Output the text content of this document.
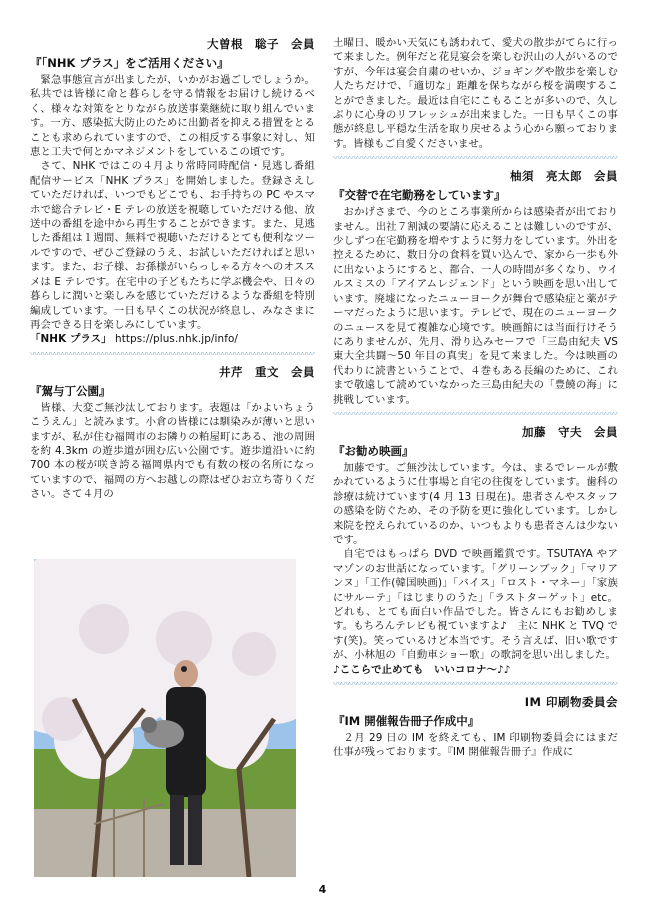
大曽根　聡子　会員
『「NHK プラス」をご活用ください』

緊急事態宣言が出ましたが、いかがお過ごしでしょうか。私共では皆様に命と暮らしを守る情報をお届けし続けるべく、様々な対策をとりながら放送事業継続に取り組んでいます。一方、感染拡大防止のために出勤者を抑える措置をとることも求められていますので、この相反する事象に対し、知恵と工夫で何とかマネジメントをしているこの頃です。

さて、NHK ではこの４月より常時同時配信・見逃し番組配信サービス「NHK プラス」を開始しました。登録さえしていただければ、いつでもどこでも、お手持ちの PC やスマホで総合テレビ・E テレの放送を視聴していただける他、放送中の番組を途中から再生することができます。また、見逃した番組は１週間、無料で視聴いただけるとても便利なツールですので、ぜひご登録のうえ、お試しいただければと思います。また、お子様、お孫様がいらっしゃる方々へのオススメは E テレです。在宅中の子どもたちに学ぶ機会や、日々の暮らしに潤いと楽しみを感じていただけるような番組を特別編成しています。一日も早くこの状況が終息し、みなさまに再会できる日を楽しみにしています。

「NHK プラス」 https://plus.nhk.jp/info/

〰〰〰〰〰〰〰〰〰〰〰〰〰〰〰〰〰〰〰〰〰〰〰〰〰〰〰〰〰〰〰〰〰〰〰〰〰〰
井芹　重文　会員
『駕与丁公園』

皆様、大変ご無沙汰しております。表題は「かよいちょうこうえん」と読みます。小倉の皆様には馴染みが薄いと思いますが、私が住む福岡市のお隣りの粕屋町にある、池の周囲を約 4.3km の遊歩道が囲む広い公園です。遊歩道沿いに約 700 本の桜が咲き誇る福岡県内でも有数の桜の名所になっていますので、福岡の方へお越しの際はぜひお立ち寄りください。さて４月の

土曜日、暖かい天気にも誘われて、愛犬の散歩がてらに行って来ました。例年だと花見宴会を楽しむ沢山の人がいるのですが、今年は宴会自粛のせいか、ジョギングや散歩を楽しむ人たちだけで、「適切な」距離を保ちながら桜を満喫することができました。最近は自宅にこもることが多いので、久しぶりに心身のリフレッシュが出来ました。一日も早くこの事態が終息し平穏な生活を取り戻せるよう心から願っております。皆様もご自愛くださいませ。

〰〰〰〰〰〰〰〰〰〰〰〰〰〰〰〰〰〰〰〰〰〰〰〰〰〰〰〰〰〰〰〰〰〰〰〰〰〰
柚須　亮太郎　会員
『交替で在宅勤務をしています』

おかげさまで、今のところ事業所からは感染者が出ておりません。出社７割減の要請に応えることは難しいのですが、少しずつ在宅勤務を増やすように努力をしています。外出を控えるために、数日分の食料を買い込んで、家から一歩も外に出ないようにすると、都合、一人の時間が多くなり、ウイルスミスの「アイアムレジェンド」という映画を思い出しています。廃墟になったニューヨークが舞台で感染症と薬がテーマだったように思います。テレビで、現在のニューヨークのニュースを見て複雑な心境です。映画館には当面行けそうにありませんが、先月、滑り込みセーフで「三島由紀夫 VS 東大全共闘～50 年目の真実」を見て来ました。今は映画の代わりに読書ということで、４巻もある長編のために、これまで敬遠して読めていなかった三島由紀夫の「豊饒の海」に挑戦しています。

〰〰〰〰〰〰〰〰〰〰〰〰〰〰〰〰〰〰〰〰〰〰〰〰〰〰〰〰〰〰〰〰〰〰〰〰〰〰
加藤　守夫　会員
『お勧め映画』

加藤です。ご無沙汰しています。今は、まるでレールが敷かれているように仕事場と自宅の往復をしています。歯科の診療は続けています(4 月 13 日現在)。患者さんやスタッフの感染を防ぐため、その予防を更に強化しています。しかし来院を控えられているのか、いつもよりも患者さんは少ないです。

自宅ではもっぱら DVD で映画鑑賞です。TSUTAYA やアマゾンのお世話になっています。「グリーンブック」「マリアンヌ」「工作(韓国映画)」「バイス」「ロスト・マネー」「家族にサルーテ」「はじまりのうた」「ラストターゲット」etc。どれも、とても面白い作品でした。皆さんにもお勧めします。もちろんテレビも視ていますよ♪　主に NHK と TVQ です(笑)。笑っているけど本当です。そう言えば、旧い歌ですが、小林旭の「自動車ショー歌」の歌詞を思い出しました。

♪ここらで止めても　いいコロナ～♪♪

〰〰〰〰〰〰〰〰〰〰〰〰〰〰〰〰〰〰〰〰〰〰〰〰〰〰〰〰〰〰〰〰〰〰〰〰〰〰
IM 印刷物委員会
『IM 開催報告冊子作成中』

２月 29 日の IM を終えても、IM 印刷物委員会にはまだ仕事が残っております。『IM 開催報告冊子』作成に

4
